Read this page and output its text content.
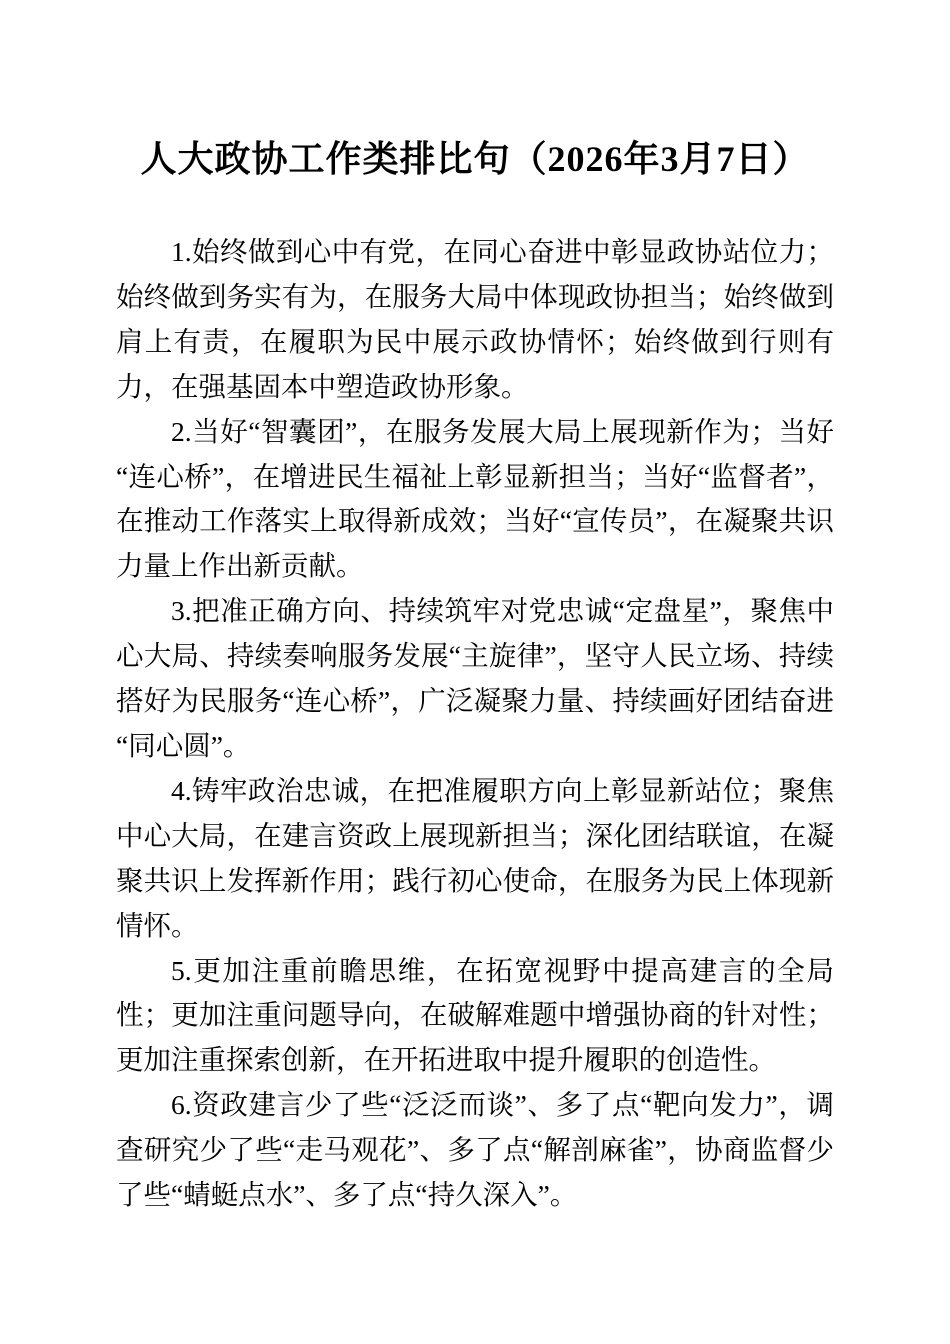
人大政协工作类排比句（2026年3月7日）

1.始终做到心中有党，在同心奋进中彰显政协站位力；始终做到务实有为，在服务大局中体现政协担当；始终做到肩上有责，在履职为民中展示政协情怀；始终做到行则有力，在强基固本中塑造政协形象。

2.当好“智囊团”，在服务发展大局上展现新作为；当好“连心桥”，在增进民生福祉上彰显新担当；当好“监督者”，在推动工作落实上取得新成效；当好“宣传员”，在凝聚共识力量上作出新贡献。

3.把准正确方向、持续筑牢对党忠诚“定盘星”，聚焦中心大局、持续奏响服务发展“主旋律”，坚守人民立场、持续搭好为民服务“连心桥”，广泛凝聚力量、持续画好团结奋进“同心圆”。

4.铸牢政治忠诚，在把准履职方向上彰显新站位；聚焦中心大局，在建言资政上展现新担当；深化团结联谊，在凝聚共识上发挥新作用；践行初心使命，在服务为民上体现新情怀。

5.更加注重前瞻思维，在拓宽视野中提高建言的全局性；更加注重问题导向，在破解难题中增强协商的针对性；更加注重探索创新，在开拓进取中提升履职的创造性。

6.资政建言少了些“泛泛而谈”、多了点“靶向发力”，调查研究少了些“走马观花”、多了点“解剖麻雀”，协商监督少了些“蜻蜓点水”、多了点“持久深入”。
